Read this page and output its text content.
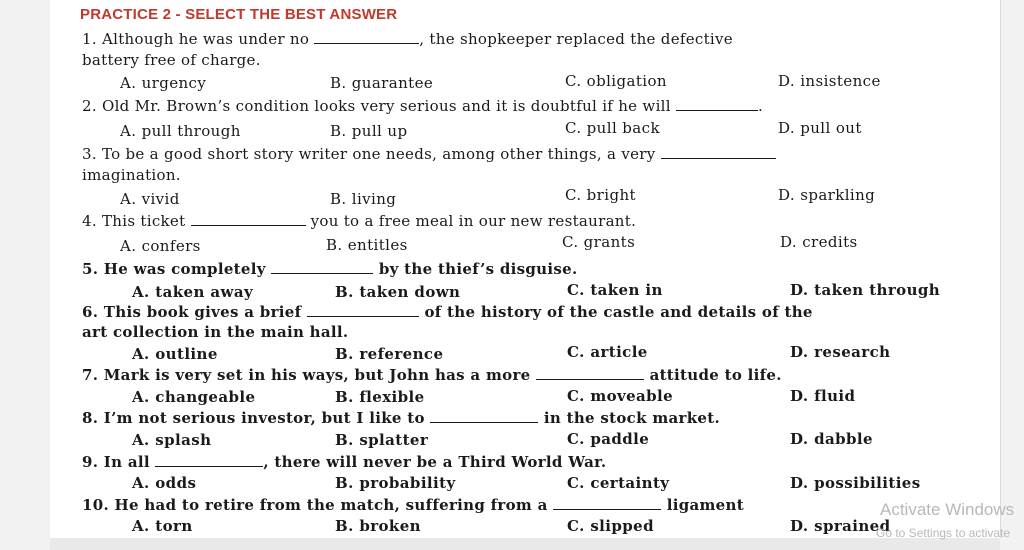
PRACTICE 2 - SELECT THE BEST ANSWER
1. Although he was under no	, the shopkeeper replaced the defective
battery free of charge.
A. urgency	B. guarantee	C. obligation	D. insistence
2. Old Mr. Brown’s condition looks very serious and it is doubtful if he will	.
A. pull through	B. pull up	C. pull back	D. pull out
3. To be a good short story writer one needs, among other things, a very
imagination.
A. vivid	B. living	C. bright	D. sparkling
4. This ticket	you to a free meal in our new restaurant.
A. confers	B. entitles	C. grants	D. credits
5. He was completely	by the thief’s disguise.
A. taken away	B. taken down	C. taken in	D. taken through
6. This book gives a brief	of the history of the castle and details of the
art collection in the main hall.
A. outline	B. reference	C. article	D. research
7. Mark is very set in his ways, but John has a more	attitude to life.
A. changeable	B. flexible	C. moveable	D. fluid
8. I’m not serious investor, but I like to	in the stock market.
A. splash	B. splatter	C. paddle	D. dabble
9. In all	, there will never be a Third World War.
A. odds	B. probability	C. certainty	D. possibilities
10. He had to retire from the match, suffering from a	ligament
A. torn	B. broken	C. slipped	D. sprained
Activate Windows
Go to Settings to activate
